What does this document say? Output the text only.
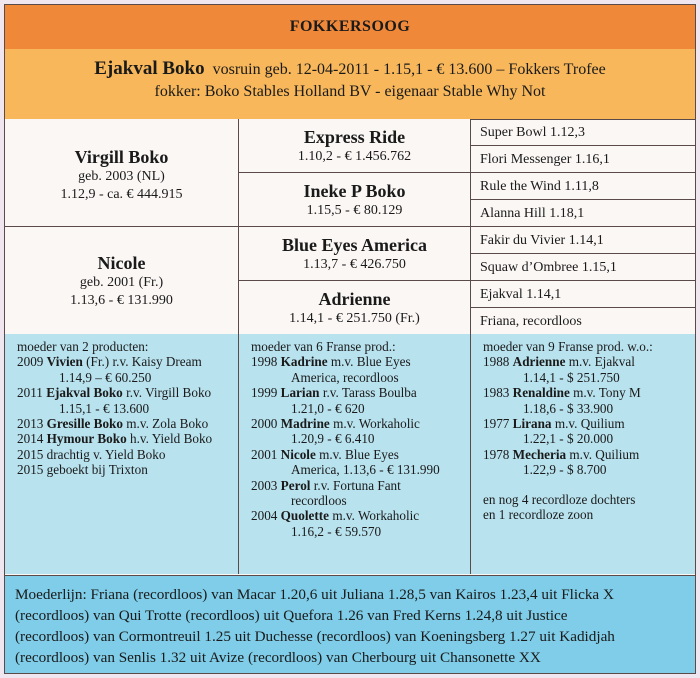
FOKKERSOOG
Ejakval Boko vosruin geb. 12-04-2011 - 1.15,1 - € 13.600 – Fokkers Trofee
fokker: Boko Stables Holland BV - eigenaar Stable Why Not
Virgill Boko
geb. 2003 (NL)
1.12,9 - ca. € 444.915
Nicole
geb. 2001 (Fr.)
1.13,6 - € 131.990
Express Ride
1.10,2 - € 1.456.762
Ineke P Boko
1.15,5 - € 80.129
Blue Eyes America
1.13,7 - € 426.750
Adrienne
1.14,1 - € 251.750 (Fr.)
Super Bowl 1.12,3
Flori Messenger 1.16,1
Rule the Wind 1.11,8
Alanna Hill 1.18,1
Fakir du Vivier 1.14,1
Squaw d’Ombree 1.15,1
Ejakval 1.14,1
Friana, recordloos
moeder van 2 producten:
2009 Vivien (Fr.) r.v. Kaisy Dream
1.14,9 – € 60.250
2011 Ejakval Boko r.v. Virgill Boko
1.15,1 - € 13.600
2013 Gresille Boko m.v. Zola Boko
2014 Hymour Boko h.v. Yield Boko
2015 drachtig v. Yield Boko
2015 geboekt bij Trixton
moeder van 6 Franse prod.:
1998 Kadrine m.v. Blue Eyes
America, recordloos
1999 Larian r.v. Tarass Boulba
1.21,0 - € 620
2000 Madrine m.v. Workaholic
1.20,9 - € 6.410
2001 Nicole m.v. Blue Eyes
America, 1.13,6 - € 131.990
2003 Perol r.v. Fortuna Fant
recordloos
2004 Quolette m.v. Workaholic
1.16,2 - € 59.570
moeder van 9 Franse prod. w.o.:
1988 Adrienne m.v. Ejakval
1.14,1 - $ 251.750
1983 Renaldine m.v. Tony M
1.18,6 - $ 33.900
1977 Lirana m.v. Quilium
1.22,1 - $ 20.000
1978 Mecheria m.v. Quilium
1.22,9 - $ 8.700
en nog 4 recordloze dochters
en 1 recordloze zoon
Moederlijn: Friana (recordloos) van Macar 1.20,6 uit Juliana 1.28,5 van Kairos 1.23,4 uit Flicka X
(recordloos) van Qui Trotte (recordloos) uit Quefora 1.26 van Fred Kerns 1.24,8 uit Justice
(recordloos) van Cormontreuil 1.25 uit Duchesse (recordloos) van Koeningsberg 1.27 uit Kadidjah
(recordloos) van Senlis 1.32 uit Avize (recordloos) van Cherbourg uit Chansonette XX
